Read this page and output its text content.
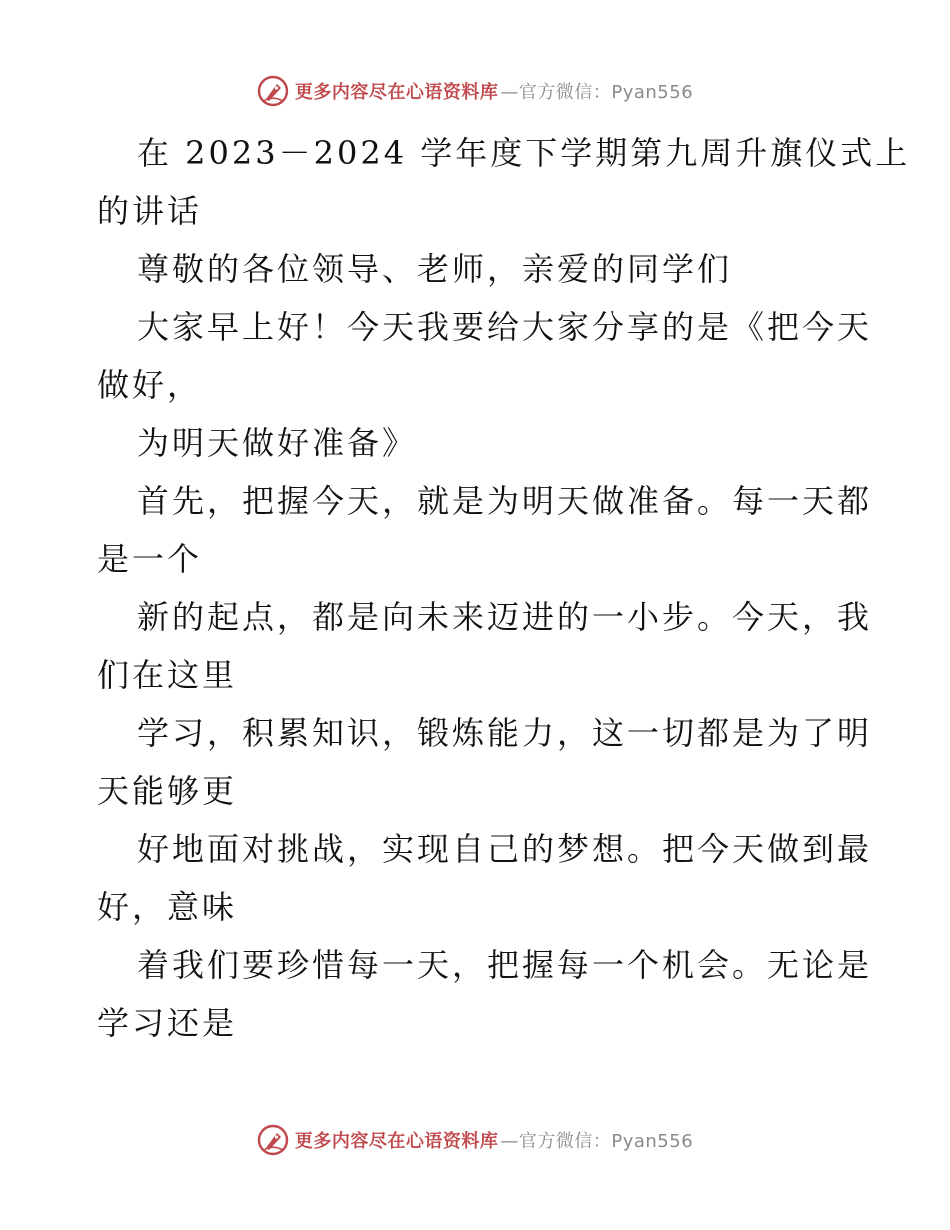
更多内容尽在心语资料库 —官方微信：Pyan556
在 2023－2024 学年度下学期第九周升旗仪式上
的讲话
尊敬的各位领导、老师，亲爱的同学们
大家早上好！今天我要给大家分享的是《把今天
做好，
为明天做好准备》
首先，把握今天，就是为明天做准备。每一天都
是一个
新的起点，都是向未来迈进的一小步。今天，我
们在这里
学习，积累知识，锻炼能力，这一切都是为了明
天能够更
好地面对挑战，实现自己的梦想。把今天做到最
好，意味
着我们要珍惜每一天，把握每一个机会。无论是
学习还是
更多内容尽在心语资料库 —官方微信：Pyan556
